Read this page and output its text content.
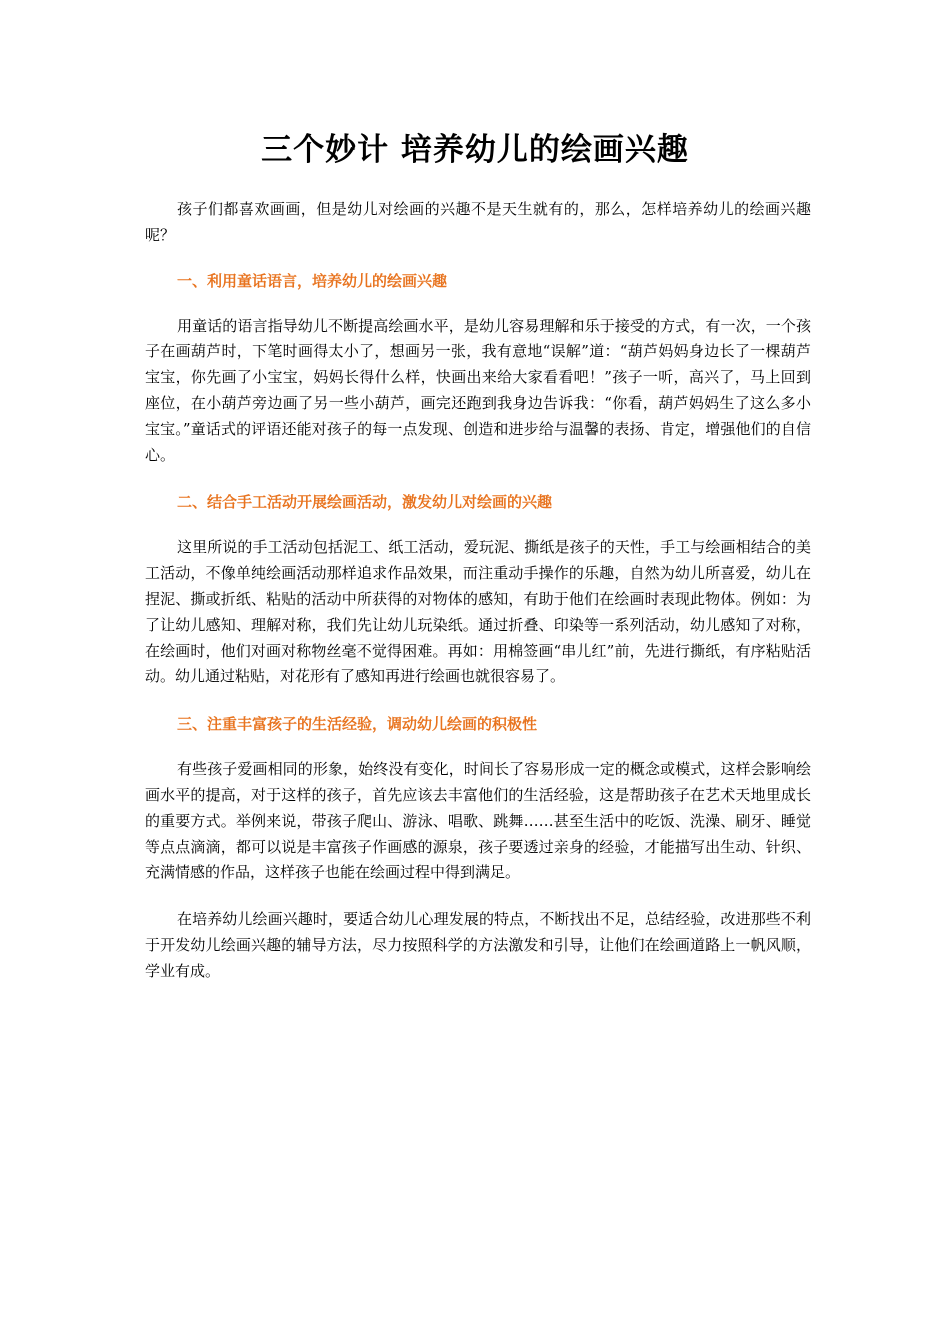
三个妙计 培养幼儿的绘画兴趣

孩子们都喜欢画画，但是幼儿对绘画的兴趣不是天生就有的，那么，怎样培养幼儿的绘画兴趣呢？

一、利用童话语言，培养幼儿的绘画兴趣

用童话的语言指导幼儿不断提高绘画水平，是幼儿容易理解和乐于接受的方式，有一次，一个孩子在画葫芦时，下笔时画得太小了，想画另一张，我有意地“误解”道：“葫芦妈妈身边长了一棵葫芦宝宝，你先画了小宝宝，妈妈长得什么样，快画出来给大家看看吧！”孩子一听，高兴了，马上回到座位，在小葫芦旁边画了另一些小葫芦，画完还跑到我身边告诉我：“你看，葫芦妈妈生了这么多小宝宝。”童话式的评语还能对孩子的每一点发现、创造和进步给与温馨的表扬、肯定，增强他们的自信心。

二、结合手工活动开展绘画活动，激发幼儿对绘画的兴趣

这里所说的手工活动包括泥工、纸工活动，爱玩泥、撕纸是孩子的天性，手工与绘画相结合的美工活动，不像单纯绘画活动那样追求作品效果，而注重动手操作的乐趣，自然为幼儿所喜爱，幼儿在捏泥、撕或折纸、粘贴的活动中所获得的对物体的感知，有助于他们在绘画时表现此物体。例如：为了让幼儿感知、理解对称，我们先让幼儿玩染纸。通过折叠、印染等一系列活动，幼儿感知了对称，在绘画时，他们对画对称物丝毫不觉得困难。再如：用棉签画“串儿红”前，先进行撕纸，有序粘贴活动。幼儿通过粘贴，对花形有了感知再进行绘画也就很容易了。

三、注重丰富孩子的生活经验，调动幼儿绘画的积极性

有些孩子爱画相同的形象，始终没有变化，时间长了容易形成一定的概念或模式，这样会影响绘画水平的提高，对于这样的孩子，首先应该去丰富他们的生活经验，这是帮助孩子在艺术天地里成长的重要方式。举例来说，带孩子爬山、游泳、唱歌、跳舞……甚至生活中的吃饭、洗澡、刷牙、睡觉等点点滴滴，都可以说是丰富孩子作画感的源泉，孩子要透过亲身的经验，才能描写出生动、针织、充满情感的作品，这样孩子也能在绘画过程中得到满足。

在培养幼儿绘画兴趣时，要适合幼儿心理发展的特点，不断找出不足，总结经验，改进那些不利于开发幼儿绘画兴趣的辅导方法，尽力按照科学的方法激发和引导，让他们在绘画道路上一帆风顺，学业有成。
